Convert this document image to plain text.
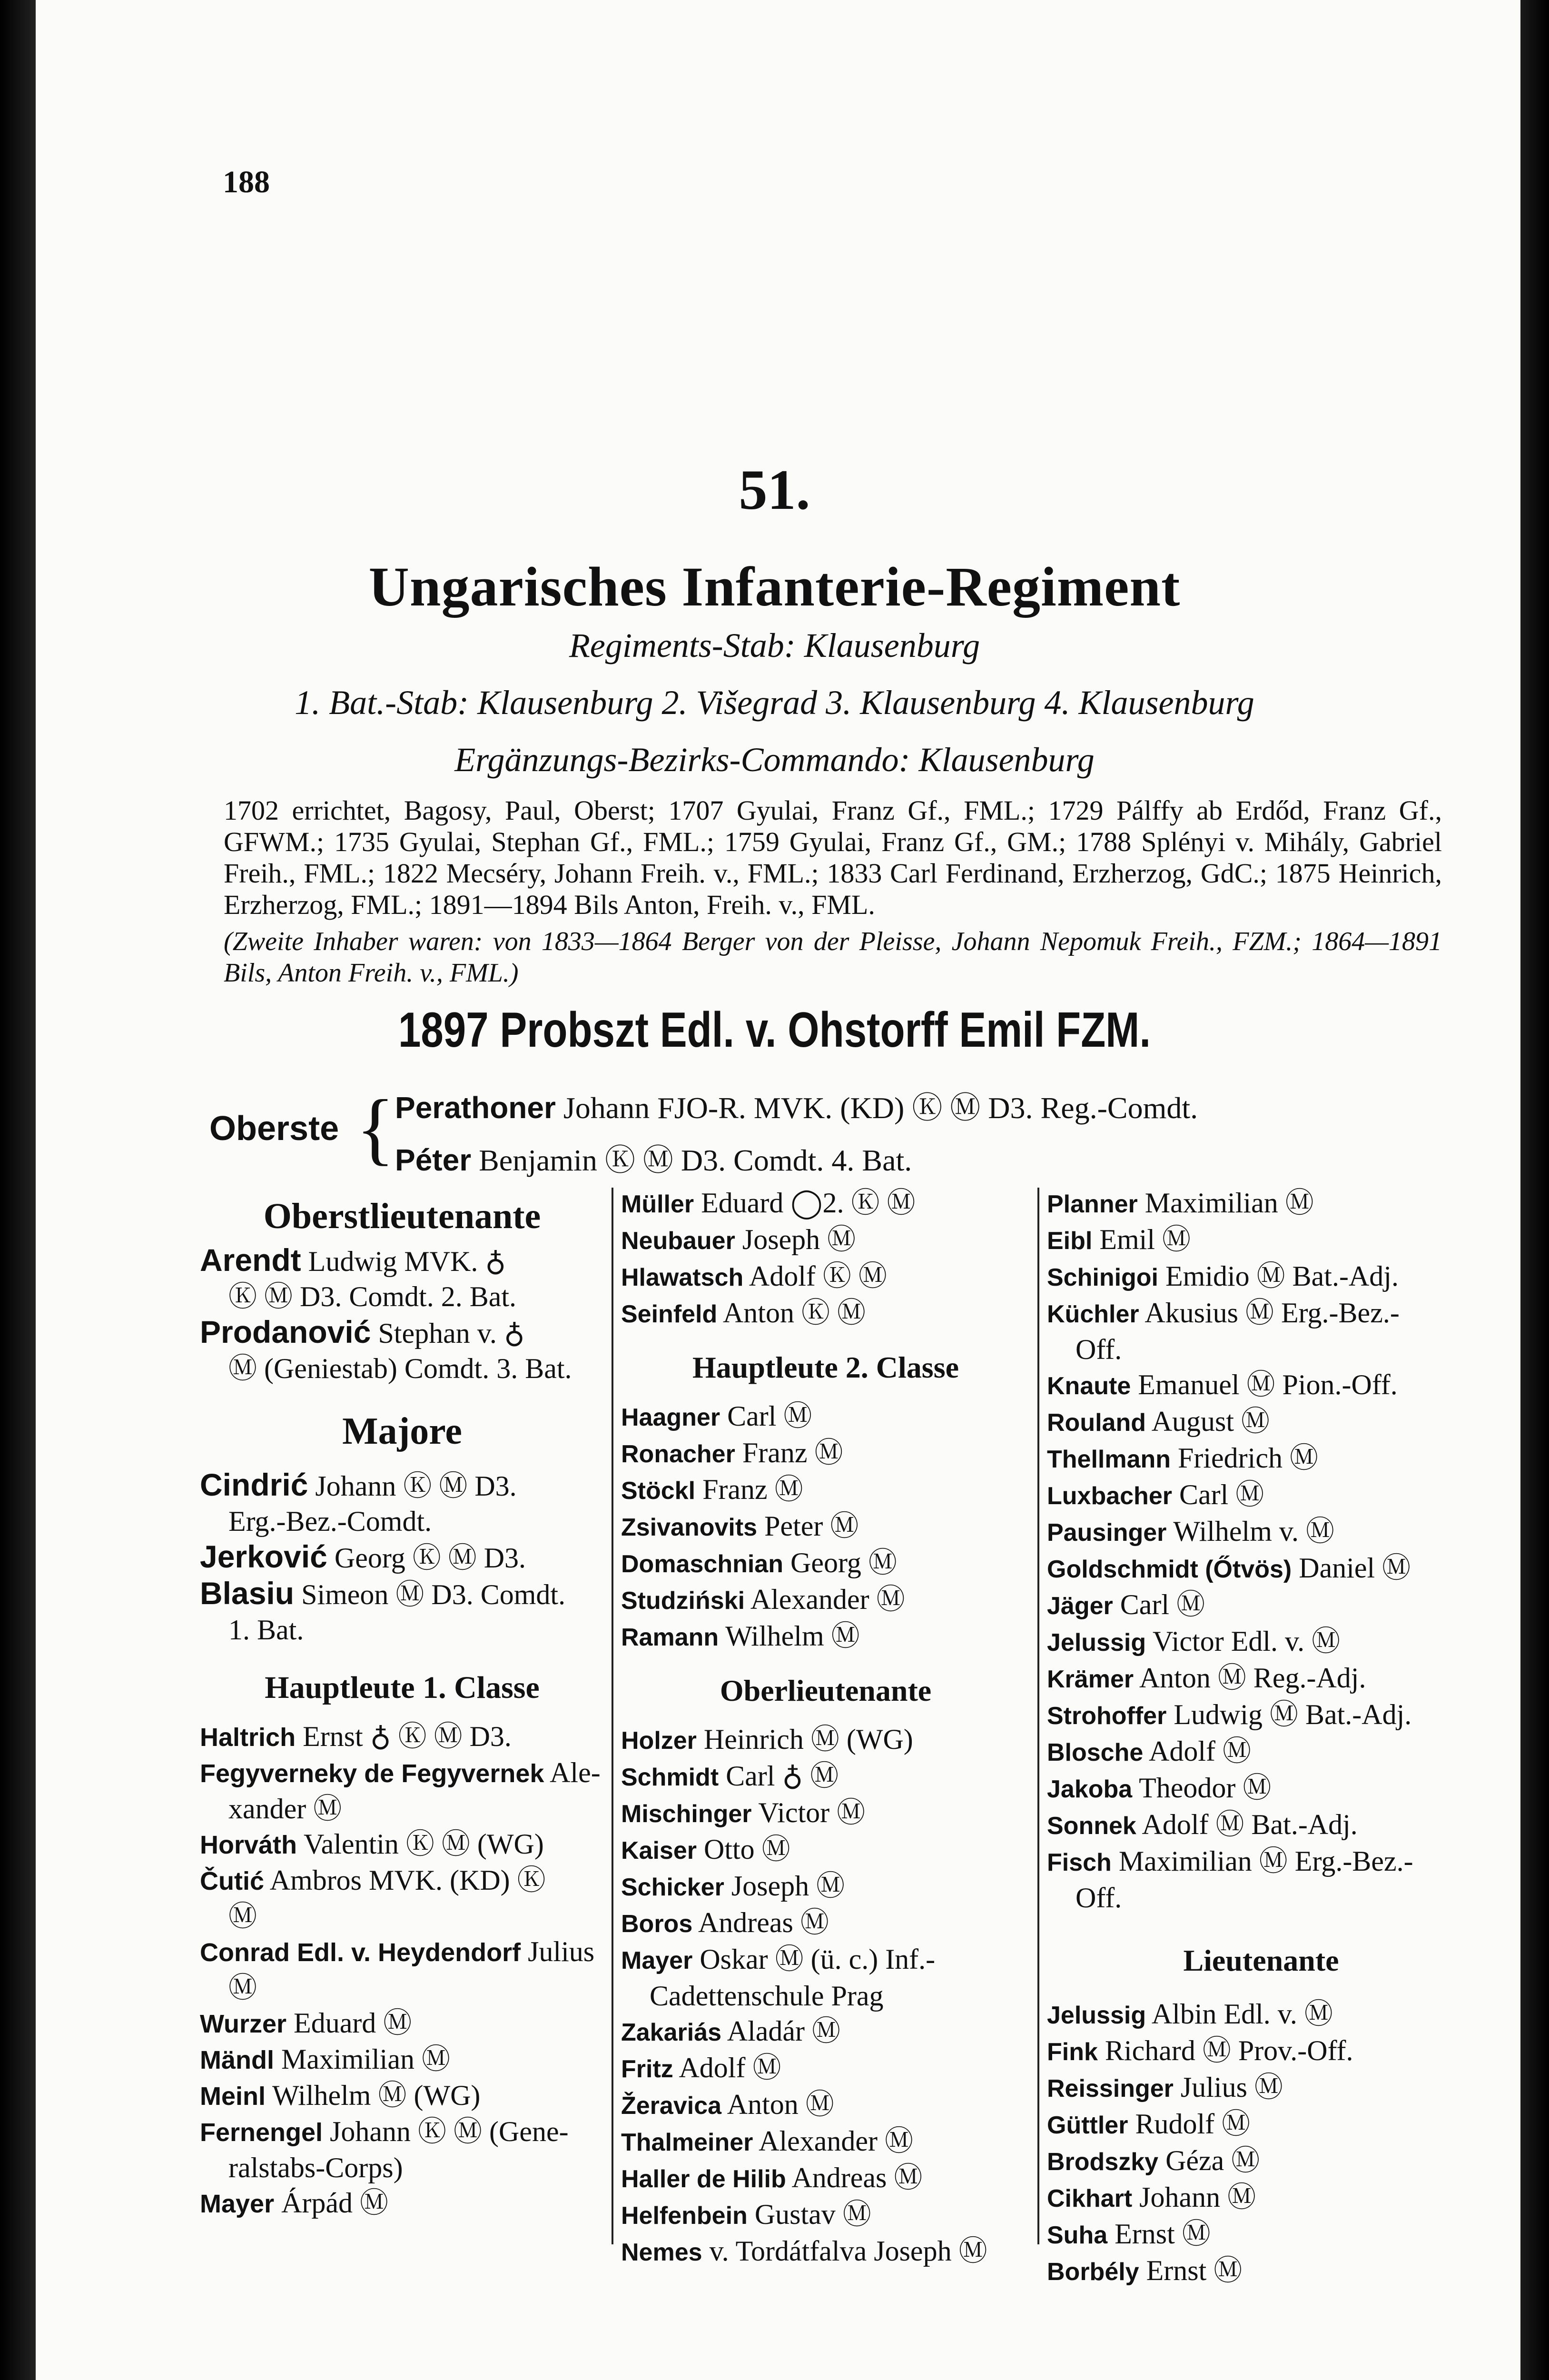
188
51.
Ungarisches Infanterie-Regiment
Regiments-Stab: Klausenburg
1. Bat.-Stab: Klausenburg 2. Višegrad 3. Klausenburg 4. Klausenburg
Ergänzungs-Bezirks-Commando: Klausenburg
1702 errichtet, Bagosy, Paul, Oberst; 1707 Gyulai, Franz Gf., FML.; 1729 Pálffy ab Erdőd, Franz Gf., GFWM.; 1735 Gyulai, Stephan Gf., FML.; 1759 Gyulai, Franz Gf., GM.; 1788 Splényi v. Mihály, Gabriel Freih., FML.; 1822 Mecséry, Johann Freih. v., FML.; 1833 Carl Ferdinand, Erzherzog, GdC.; 1875 Heinrich, Erzherzog, FML.; 1891—1894 Bils Anton, Freih. v., FML.
(Zweite Inhaber waren: von 1833—1864 Berger von der Pleisse, Johann Nepomuk Freih., FZM.; 1864—1891 Bils, Anton Freih. v., FML.)
1897 Probszt Edl. v. Ohstorff Emil FZM.
Oberste { Perathoner Johann FJO-R. MVK. (KD) Ⓚ Ⓜ D3. Reg.-Comdt.
Péter Benjamin Ⓚ Ⓜ D3. Comdt. 4. Bat.
Oberstlieutenante
Arendt Ludwig MVK. ♁
Ⓚ Ⓜ D3. Comdt. 2. Bat.
Prodanović Stephan v. ♁
Ⓜ (Geniestab) Comdt. 3. Bat.
Majore
Cindrić Johann Ⓚ Ⓜ D3.
Erg.-Bez.-Comdt.
Jerković Georg Ⓚ Ⓜ D3.
Blasiu Simeon Ⓜ D3. Comdt.
1. Bat.
Hauptleute 1. Classe
Haltrich Ernst ♁ Ⓚ Ⓜ D3.
Fegyverneky de Fegyvernek Ale-
xander Ⓜ
Horváth Valentin Ⓚ Ⓜ (WG)
Čutić Ambros MVK. (KD) Ⓚ
Ⓜ
Conrad Edl. v. Heydendorf Julius
Ⓜ
Wurzer Eduard Ⓜ
Mändl Maximilian Ⓜ
Meinl Wilhelm Ⓜ (WG)
Fernengel Johann Ⓚ Ⓜ (Gene-
ralstabs-Corps)
Mayer Árpád Ⓜ
Müller Eduard ◯2. Ⓚ Ⓜ
Neubauer Joseph Ⓜ
Hlawatsch Adolf Ⓚ Ⓜ
Seinfeld Anton Ⓚ Ⓜ
Hauptleute 2. Classe
Haagner Carl Ⓜ
Ronacher Franz Ⓜ
Stöckl Franz Ⓜ
Zsivanovits Peter Ⓜ
Domaschnian Georg Ⓜ
Studziński Alexander Ⓜ
Ramann Wilhelm Ⓜ
Oberlieutenante
Holzer Heinrich Ⓜ (WG)
Schmidt Carl ♁ Ⓜ
Mischinger Victor Ⓜ
Kaiser Otto Ⓜ
Schicker Joseph Ⓜ
Boros Andreas Ⓜ
Mayer Oskar Ⓜ (ü. c.) Inf.-
Cadettenschule Prag
Zakariás Aladár Ⓜ
Fritz Adolf Ⓜ
Žeravica Anton Ⓜ
Thalmeiner Alexander Ⓜ
Haller de Hilib Andreas Ⓜ
Helfenbein Gustav Ⓜ
Nemes v. Tordátfalva Joseph Ⓜ
Planner Maximilian Ⓜ
Eibl Emil Ⓜ
Schinigoi Emidio Ⓜ Bat.-Adj.
Küchler Akusius Ⓜ Erg.-Bez.-
Off.
Knaute Emanuel Ⓜ Pion.-Off.
Rouland August Ⓜ
Thellmann Friedrich Ⓜ
Luxbacher Carl Ⓜ
Pausinger Wilhelm v. Ⓜ
Goldschmidt (Őtvös) Daniel Ⓜ
Jäger Carl Ⓜ
Jelussig Victor Edl. v. Ⓜ
Krämer Anton Ⓜ Reg.-Adj.
Strohoffer Ludwig Ⓜ Bat.-Adj.
Blosche Adolf Ⓜ
Jakoba Theodor Ⓜ
Sonnek Adolf Ⓜ Bat.-Adj.
Fisch Maximilian Ⓜ Erg.-Bez.-
Off.
Lieutenante
Jelussig Albin Edl. v. Ⓜ
Fink Richard Ⓜ Prov.-Off.
Reissinger Julius Ⓜ
Güttler Rudolf Ⓜ
Brodszky Géza Ⓜ
Cikhart Johann Ⓜ
Suha Ernst Ⓜ
Borbély Ernst Ⓜ
